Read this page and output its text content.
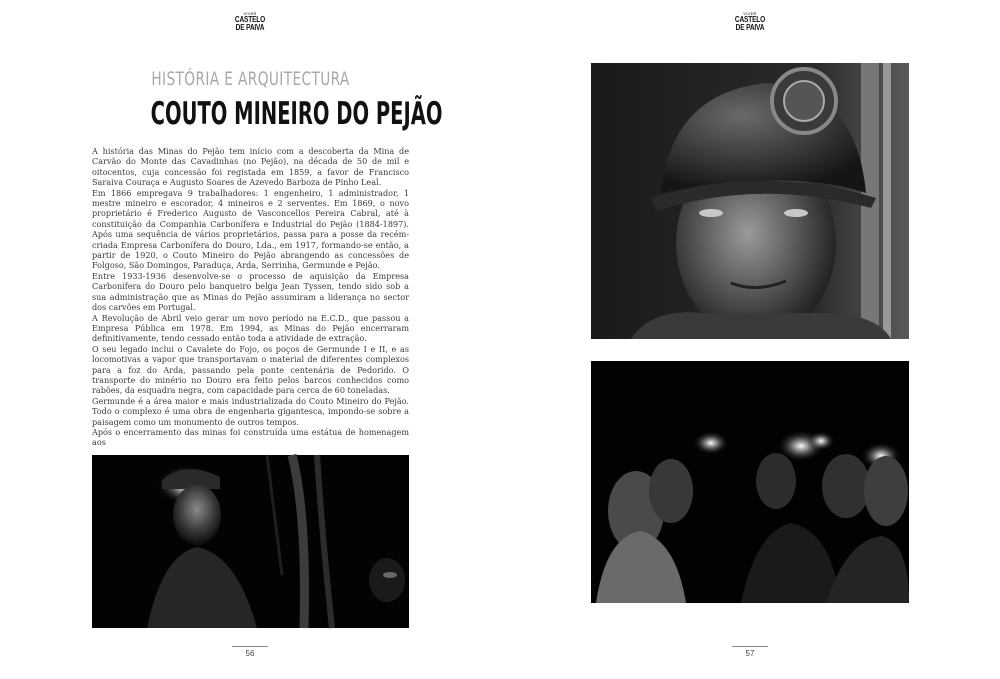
VIVER
CASTELO
DE PAIVA
HISTÓRIA E ARQUITECTURA
COUTO MINEIRO DO PEJÃO

A história das Minas do Pejão tem início com a descoberta da Mina de Carvão do Monte das Cavadinhas (no Pejão), na década de 50 de mil e oitocentos, cuja concessão foi registada em 1859, a favor de Francisco Saraiva Couraça e Augusto Soares de Azevedo Barboza de Pinho Leal.

Em 1866 empregava 9 trabalhadores: 1 engenheiro, 1 administrador, 1 mestre mineiro e escorador, 4 mineiros e 2 serventes. Em 1869, o novo proprietário é Frederico Augusto de Vasconcellos Pereira Cabral, até à constituição da Companhia Carbonífera e Industrial do Pejão (1884-1897). Após uma sequência de vários proprietários, passa para a posse da recém-criada Empresa Carbonífera do Douro, Lda., em 1917, formando-se então, a partir de 1920, o Couto Mineiro do Pejão abrangendo as concessões de Folgoso, São Domingos, Paraduça, Arda, Serrinha, Germunde e Pejão.

Entre 1933-1936 desenvolve-se o processo de aquisição da Empresa Carbonífera do Douro pelo banqueiro belga Jean Tyssen, tendo sido sob a sua administração que as Minas do Pejão assumiram a liderança no sector dos carvões em Portugal.

A Revolução de Abril veio gerar um novo período na E.C.D., que passou a Empresa Pública em 1978. Em 1994, as Minas do Pejão encerraram definitivamente, tendo cessado então toda a atividade de extração.

O seu legado inclui o Cavalete do Fojo, os poços de Germunde I e II, e as locomotivas a vapor que transportavam o material de diferentes complexos para a foz do Arda, passando pela ponte centenária de Pedorido. O transporte do minério no Douro era feito pelos barcos conhecidos como rabões, da esquadra negra, com capacidade para cerca de 60 toneladas.

Germunde é a área maior e mais industrializada do Couto Mineiro do Pejão. Todo o complexo é uma obra de engenharia gigantesca, impondo-se sobre a paisagem como um monumento de outros tempos.

Após o encerramento das minas foi construída uma estátua de homenagem aos

56
VIVER
CASTELO
DE PAIVA
57
